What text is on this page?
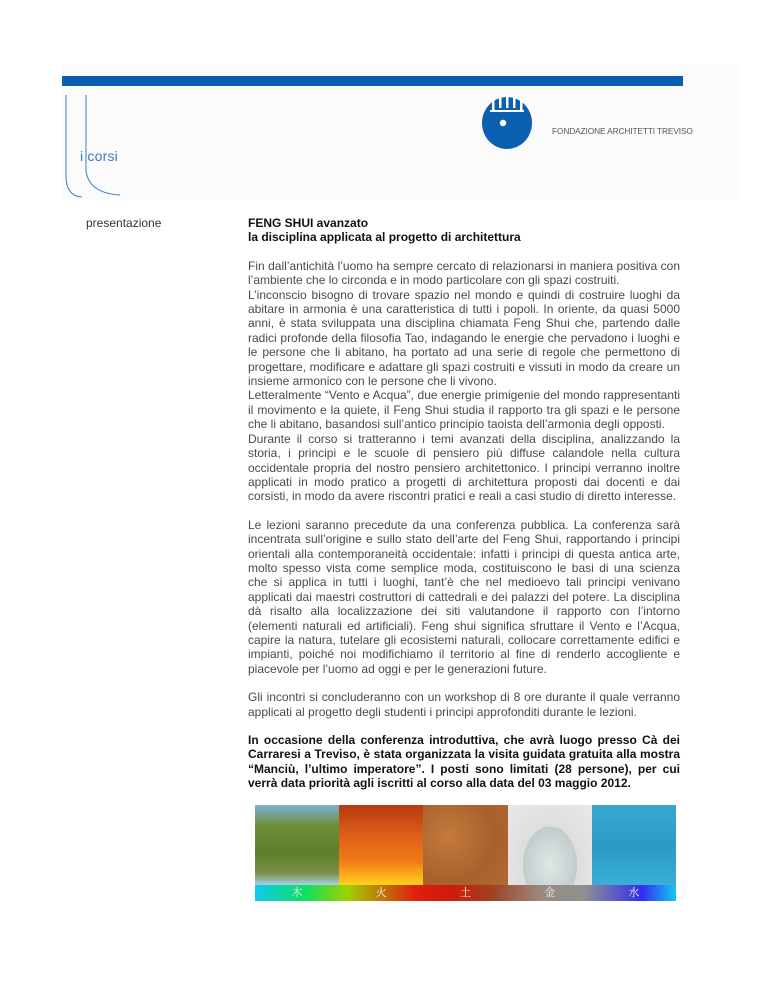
i corsi
FONDAZIONE ARCHITETTI TREVISO
presentazione	FENG SHUI avanzato
la disciplina applicata al progetto di architettura
Fin dall’antichità l’uomo ha sempre cercato di relazionarsi in maniera positiva con l’ambiente che lo circonda e in modo particolare con gli spazi costruiti.
L’inconscio bisogno di trovare spazio nel mondo e quindi di costruire luoghi da abitare in armonia è una caratteristica di tutti i popoli. In oriente, da quasi 5000 anni, è stata sviluppata una disciplina chiamata Feng Shui che, partendo dalle radici profonde della filosofia Tao, indagando le energie che pervadono i luoghi e le persone che li abitano, ha portato ad una serie di regole che permettono di progettare, modificare e adattare gli spazi costruiti e vissuti in modo da creare un insieme armonico con le persone che li vivono.
Letteralmente “Vento e Acqua”, due energie primigenie del mondo rappresentanti il movimento e la quiete, il Feng Shui studia il rapporto tra gli spazi e le persone che li abitano, basandosi sull’antico principio taoista dell’armonia degli opposti.
Durante il corso si tratteranno i temi avanzati della disciplina, analizzando la storia, i principi e le scuole di pensiero più diffuse calandole nella cultura occidentale propria del nostro pensiero architettonico. I principi verranno inoltre applicati in modo pratico a progetti di architettura proposti dai docenti e dai corsisti, in modo da avere riscontri pratici e reali a casi studio di diretto interesse.
Le lezioni saranno precedute da una conferenza pubblica. La conferenza sarà incentrata sull’origine e sullo stato dell’arte del Feng Shui, rapportando i principi orientali alla contemporaneità occidentale: infatti i principi di questa antica arte, molto spesso vista come semplice moda, costituiscono le basi di una scienza che si applica in tutti i luoghi, tant’è che nel medioevo tali principi venivano applicati dai maestri costruttori di cattedrali e dei palazzi del potere. La disciplina dà risalto alla localizzazione dei siti valutandone il rapporto con l’intorno (elementi naturali ed artificiali). Feng shui significa sfruttare il Vento e l’Acqua, capire la natura, tutelare gli ecosistemi naturali, collocare correttamente edifici e impianti, poiché noi modifichiamo il territorio al fine di renderlo accogliente e piacevole per l’uomo ad oggi e per le generazioni future.
Gli incontri si concluderanno con un workshop di 8 ore durante il quale verranno applicati al progetto degli studenti i principi approfonditi durante le lezioni.
In occasione della conferenza introduttiva, che avrà luogo presso Cà dei Carraresi a Treviso, è stata organizzata la visita guidata gratuita alla mostra “Manciù, l’ultimo imperatore”. I posti sono limitati (28 persone), per cui verrà data priorità agli iscritti al corso alla data del 03 maggio 2012.
木	火	土	金	水
